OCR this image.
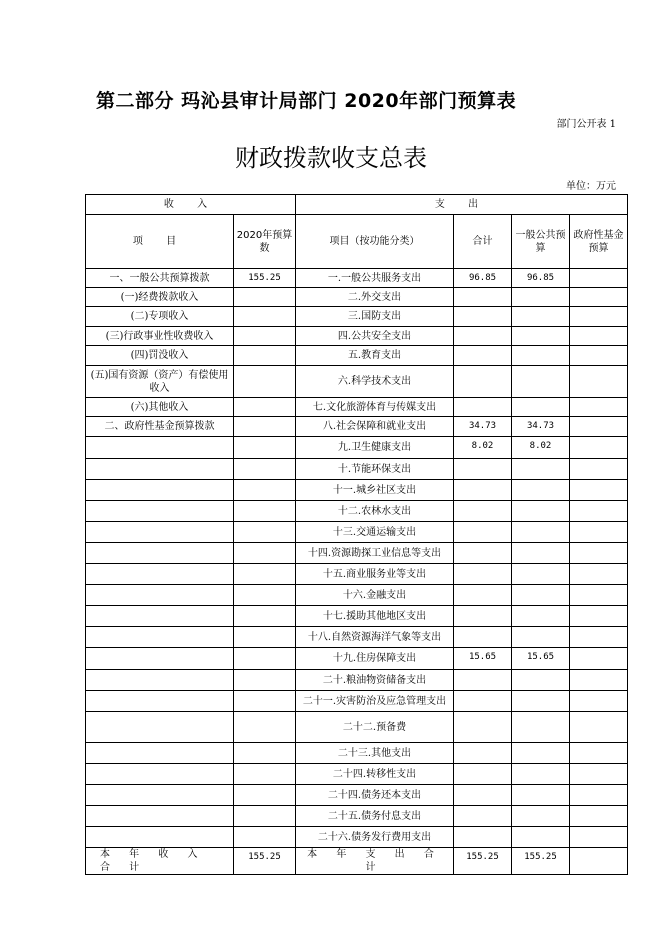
第二部分 玛沁县审计局部门 2020年部门预算表
部门公开表 1
财政拨款收支总表
单位：万元
收 入		支 出			
项 目	2020年预算数	项目（按功能分类）	合计	一般公共预算	政府性基金预算
一、一般公共预算拨款	155.25	一.一般公共服务支出	96.85	96.85	
(一)经费拨款收入		二.外交支出			
(二)专项收入		三.国防支出			
(三)行政事业性收费收入		四.公共安全支出			
(四)罚没收入		五.教育支出			
(五)国有资源（资产）有偿使用收入		六.科学技术支出			
(六)其他收入		七.文化旅游体育与传媒支出			
二、政府性基金预算拨款		八.社会保障和就业支出	34.73	34.73	
		九.卫生健康支出	8.02	8.02	
		十.节能环保支出			
		十一.城乡社区支出			
		十二.农林水支出			
		十三.交通运输支出			
		十四.资源勘探工业信息等支出			
		十五.商业服务业等支出			
		十六.金融支出			
		十七.援助其他地区支出			
		十八.自然资源海洋气象等支出			
		十九.住房保障支出	15.65	15.65	
		二十.粮油物资储备支出			
		二十一.灾害防治及应急管理支出			
		二十二.预备费			
		二十三.其他支出			
		二十四.转移性支出			
		二十四.债务还本支出			
		二十五.债务付息支出			
		二十六.债务发行费用支出			
本 年 收 入 合 计	155.25	本 年 支 出 合 计	155.25	155.25	
